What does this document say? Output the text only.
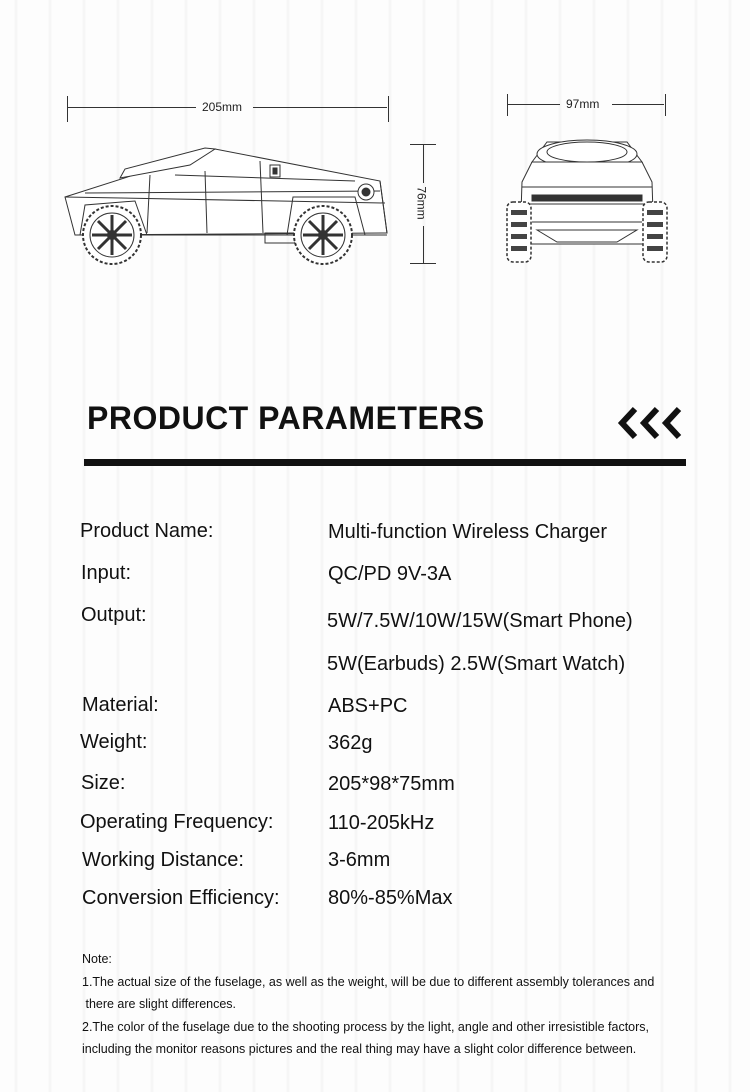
205mm	97mm
76mm
PRODUCT PARAMETERS
Product Name:	Multi-function Wireless Charger
Input:	QC/PD 9V-3A
Output:	5W/7.5W/10W/15W(Smart Phone)
5W(Earbuds) 2.5W(Smart Watch)
Material:	ABS+PC
Weight:	362g
Size:	205*98*75mm
Operating Frequency:	110-205kHz
Working Distance:	3-6mm
Conversion Efficiency: 80%-85%Max

Note:

1.The actual size of the fuselage, as well as the weight, will be due to different assembly tolerances and

there are slight differences.

2.The color of the fuselage due to the shooting process by the light, angle and other irresistible factors,

including the monitor reasons pictures and the real thing may have a slight color difference between.
